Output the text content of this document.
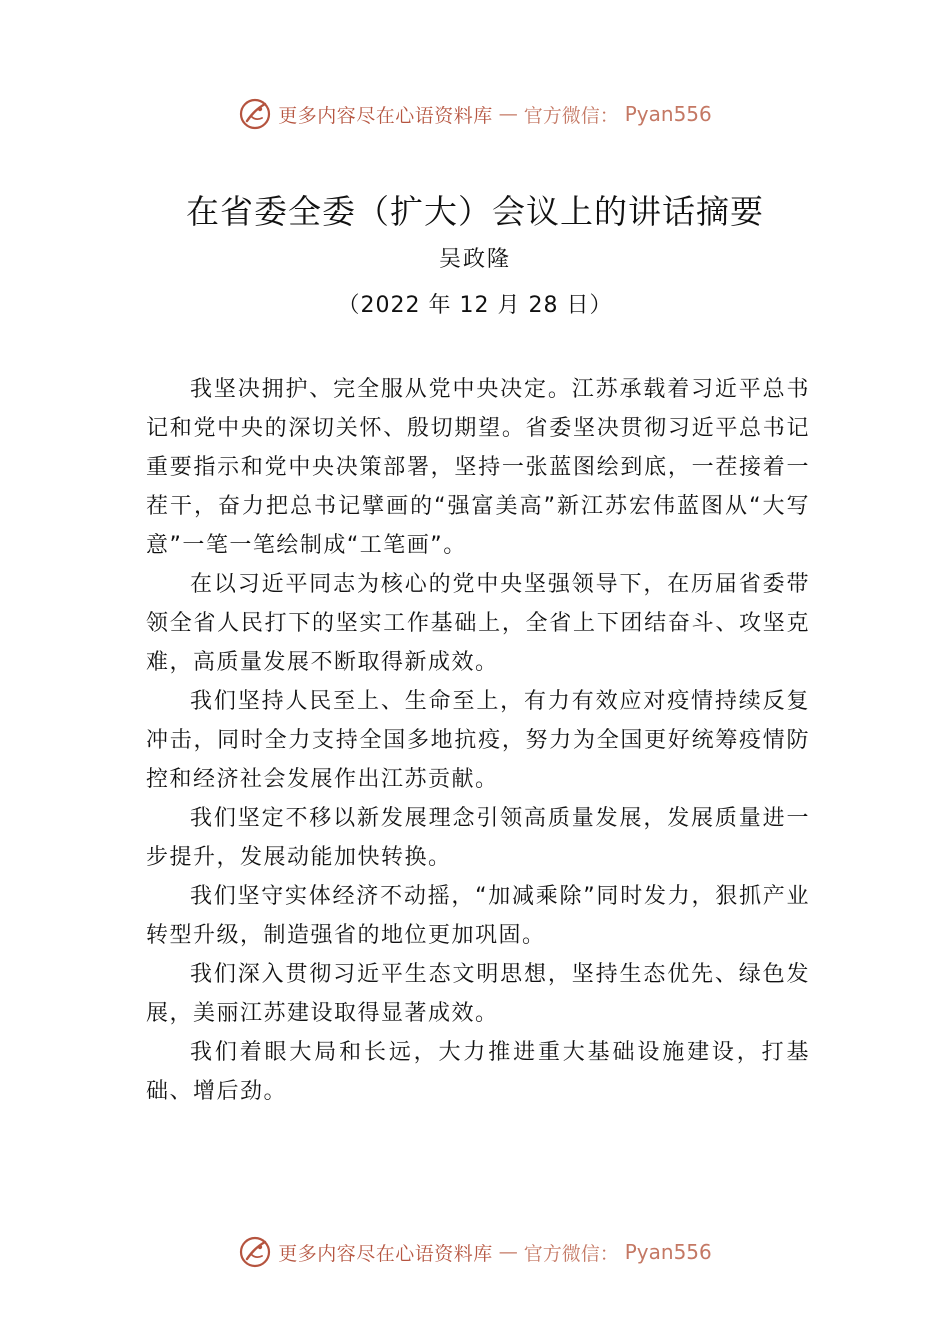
更多内容尽在心语资料库 — 官方微信： Pyan556
在省委全委（扩大）会议上的讲话摘要
吴政隆
（2022 年 12 月 28 日）

我坚决拥护、完全服从党中央决定。江苏承载着习近平总书记和党中央的深切关怀、殷切期望。省委坚决贯彻习近平总书记重要指示和党中央决策部署，坚持一张蓝图绘到底，一茬接着一茬干，奋力把总书记擘画的“强富美高”新江苏宏伟蓝图从“大写意”一笔一笔绘制成“工笔画”。

在以习近平同志为核心的党中央坚强领导下，在历届省委带领全省人民打下的坚实工作基础上，全省上下团结奋斗、攻坚克难，高质量发展不断取得新成效。

我们坚持人民至上、生命至上，有力有效应对疫情持续反复冲击，同时全力支持全国多地抗疫，努力为全国更好统筹疫情防控和经济社会发展作出江苏贡献。

我们坚定不移以新发展理念引领高质量发展，发展质量进一步提升，发展动能加快转换。

我们坚守实体经济不动摇，“加减乘除”同时发力，狠抓产业转型升级，制造强省的地位更加巩固。

我们深入贯彻习近平生态文明思想，坚持生态优先、绿色发展，美丽江苏建设取得显著成效。

我们着眼大局和长远，大力推进重大基础设施建设，打基础、增后劲。

更多内容尽在心语资料库 — 官方微信： Pyan556
